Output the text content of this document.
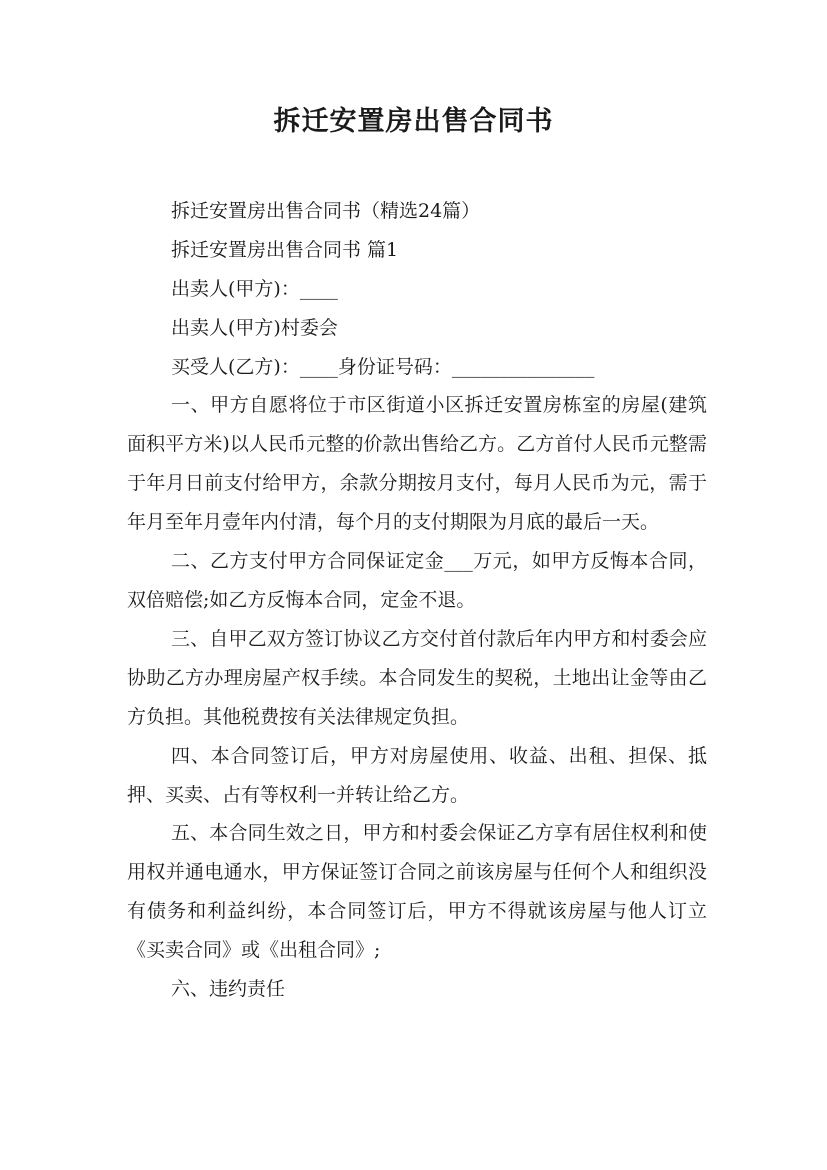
拆迁安置房出售合同书
拆迁安置房出售合同书（精选24篇）
拆迁安置房出售合同书 篇1
出卖人(甲方)：____
出卖人(甲方)村委会
买受人(乙方)：____身份证号码：_______________

一、甲方自愿将位于市区街道小区拆迁安置房栋室的房屋(建筑面积平方米)以人民币元整的价款出售给乙方。乙方首付人民币元整需于年月日前支付给甲方，余款分期按月支付，每月人民币为元，需于年月至年月壹年内付清，每个月的支付期限为月底的最后一天。

二、乙方支付甲方合同保证定金___万元，如甲方反悔本合同，双倍赔偿;如乙方反悔本合同，定金不退。

三、自甲乙双方签订协议乙方交付首付款后年内甲方和村委会应协助乙方办理房屋产权手续。本合同发生的契税，土地出让金等由乙方负担。其他税费按有关法律规定负担。

四、本合同签订后，甲方对房屋使用、收益、出租、担保、抵押、买卖、占有等权利一并转让给乙方。

五、本合同生效之日，甲方和村委会保证乙方享有居住权利和使用权并通电通水，甲方保证签订合同之前该房屋与任何个人和组织没有债务和利益纠纷，本合同签订后，甲方不得就该房屋与他人订立《买卖合同》或《出租合同》;

六、违约责任
